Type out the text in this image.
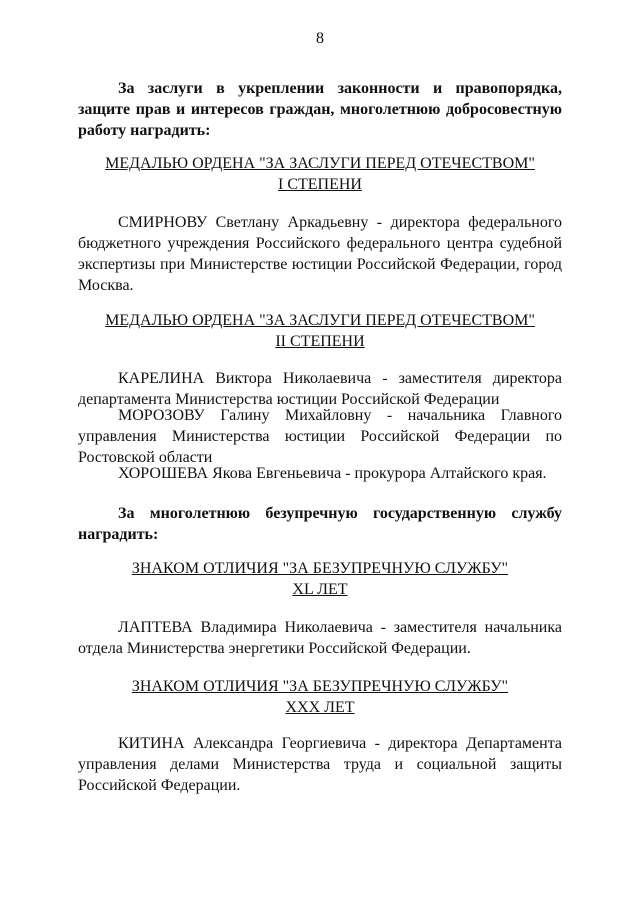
8
За заслуги в укреплении законности и правопорядка, защите прав и интересов граждан, многолетнюю добросовестную работу наградить:
МЕДАЛЬЮ ОРДЕНА "ЗА ЗАСЛУГИ ПЕРЕД ОТЕЧЕСТВОМ"
I СТЕПЕНИ
СМИРНОВУ Светлану Аркадьевну - директора федерального бюджетного учреждения Российского федерального центра судебной экспертизы при Министерстве юстиции Российской Федерации, город Москва.
МЕДАЛЬЮ ОРДЕНА "ЗА ЗАСЛУГИ ПЕРЕД ОТЕЧЕСТВОМ"
II СТЕПЕНИ
КАРЕЛИНА Виктора Николаевича - заместителя директора департамента Министерства юстиции Российской Федерации
МОРОЗОВУ Галину Михайловну - начальника Главного управления Министерства юстиции Российской Федерации по Ростовской области
ХОРОШЕВА Якова Евгеньевича - прокурора Алтайского края.
За многолетнюю безупречную государственную службу наградить:
ЗНАКОМ ОТЛИЧИЯ "ЗА БЕЗУПРЕЧНУЮ СЛУЖБУ"
XL ЛЕТ
ЛАПТЕВА Владимира Николаевича - заместителя начальника отдела Министерства энергетики Российской Федерации.
ЗНАКОМ ОТЛИЧИЯ "ЗА БЕЗУПРЕЧНУЮ СЛУЖБУ"
XXX ЛЕТ
КИТИНА Александра Георгиевича - директора Департамента управления делами Министерства труда и социальной защиты Российской Федерации.
